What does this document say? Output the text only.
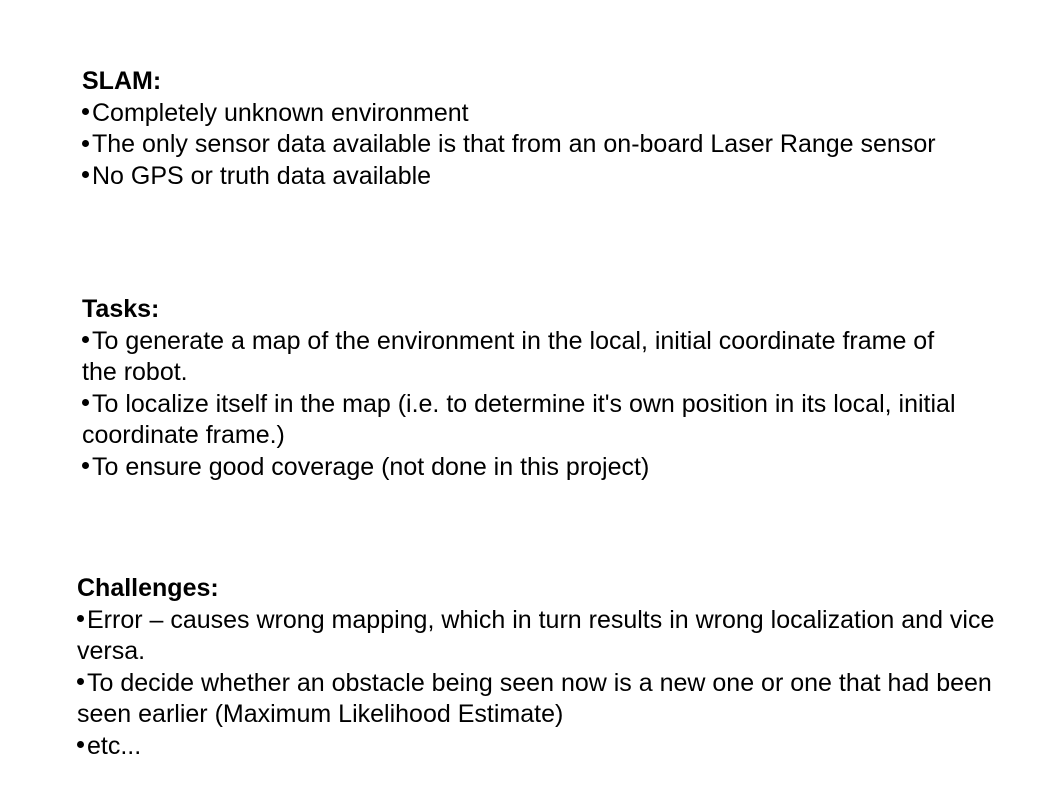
SLAM:
Completely unknown environment
The only sensor data available is that from an on-board Laser Range sensor
No GPS or truth data available
Tasks:
To generate a map of the environment in the local, initial coordinate frame of the robot.
To localize itself in the map (i.e. to determine it's own position in its local, initial coordinate frame.)
To ensure good coverage (not done in this project)
Challenges:
Error – causes wrong mapping, which in turn results in wrong localization and vice versa.
To decide whether an obstacle being seen now is a new one or one that had been seen earlier (Maximum Likelihood Estimate)
etc...
